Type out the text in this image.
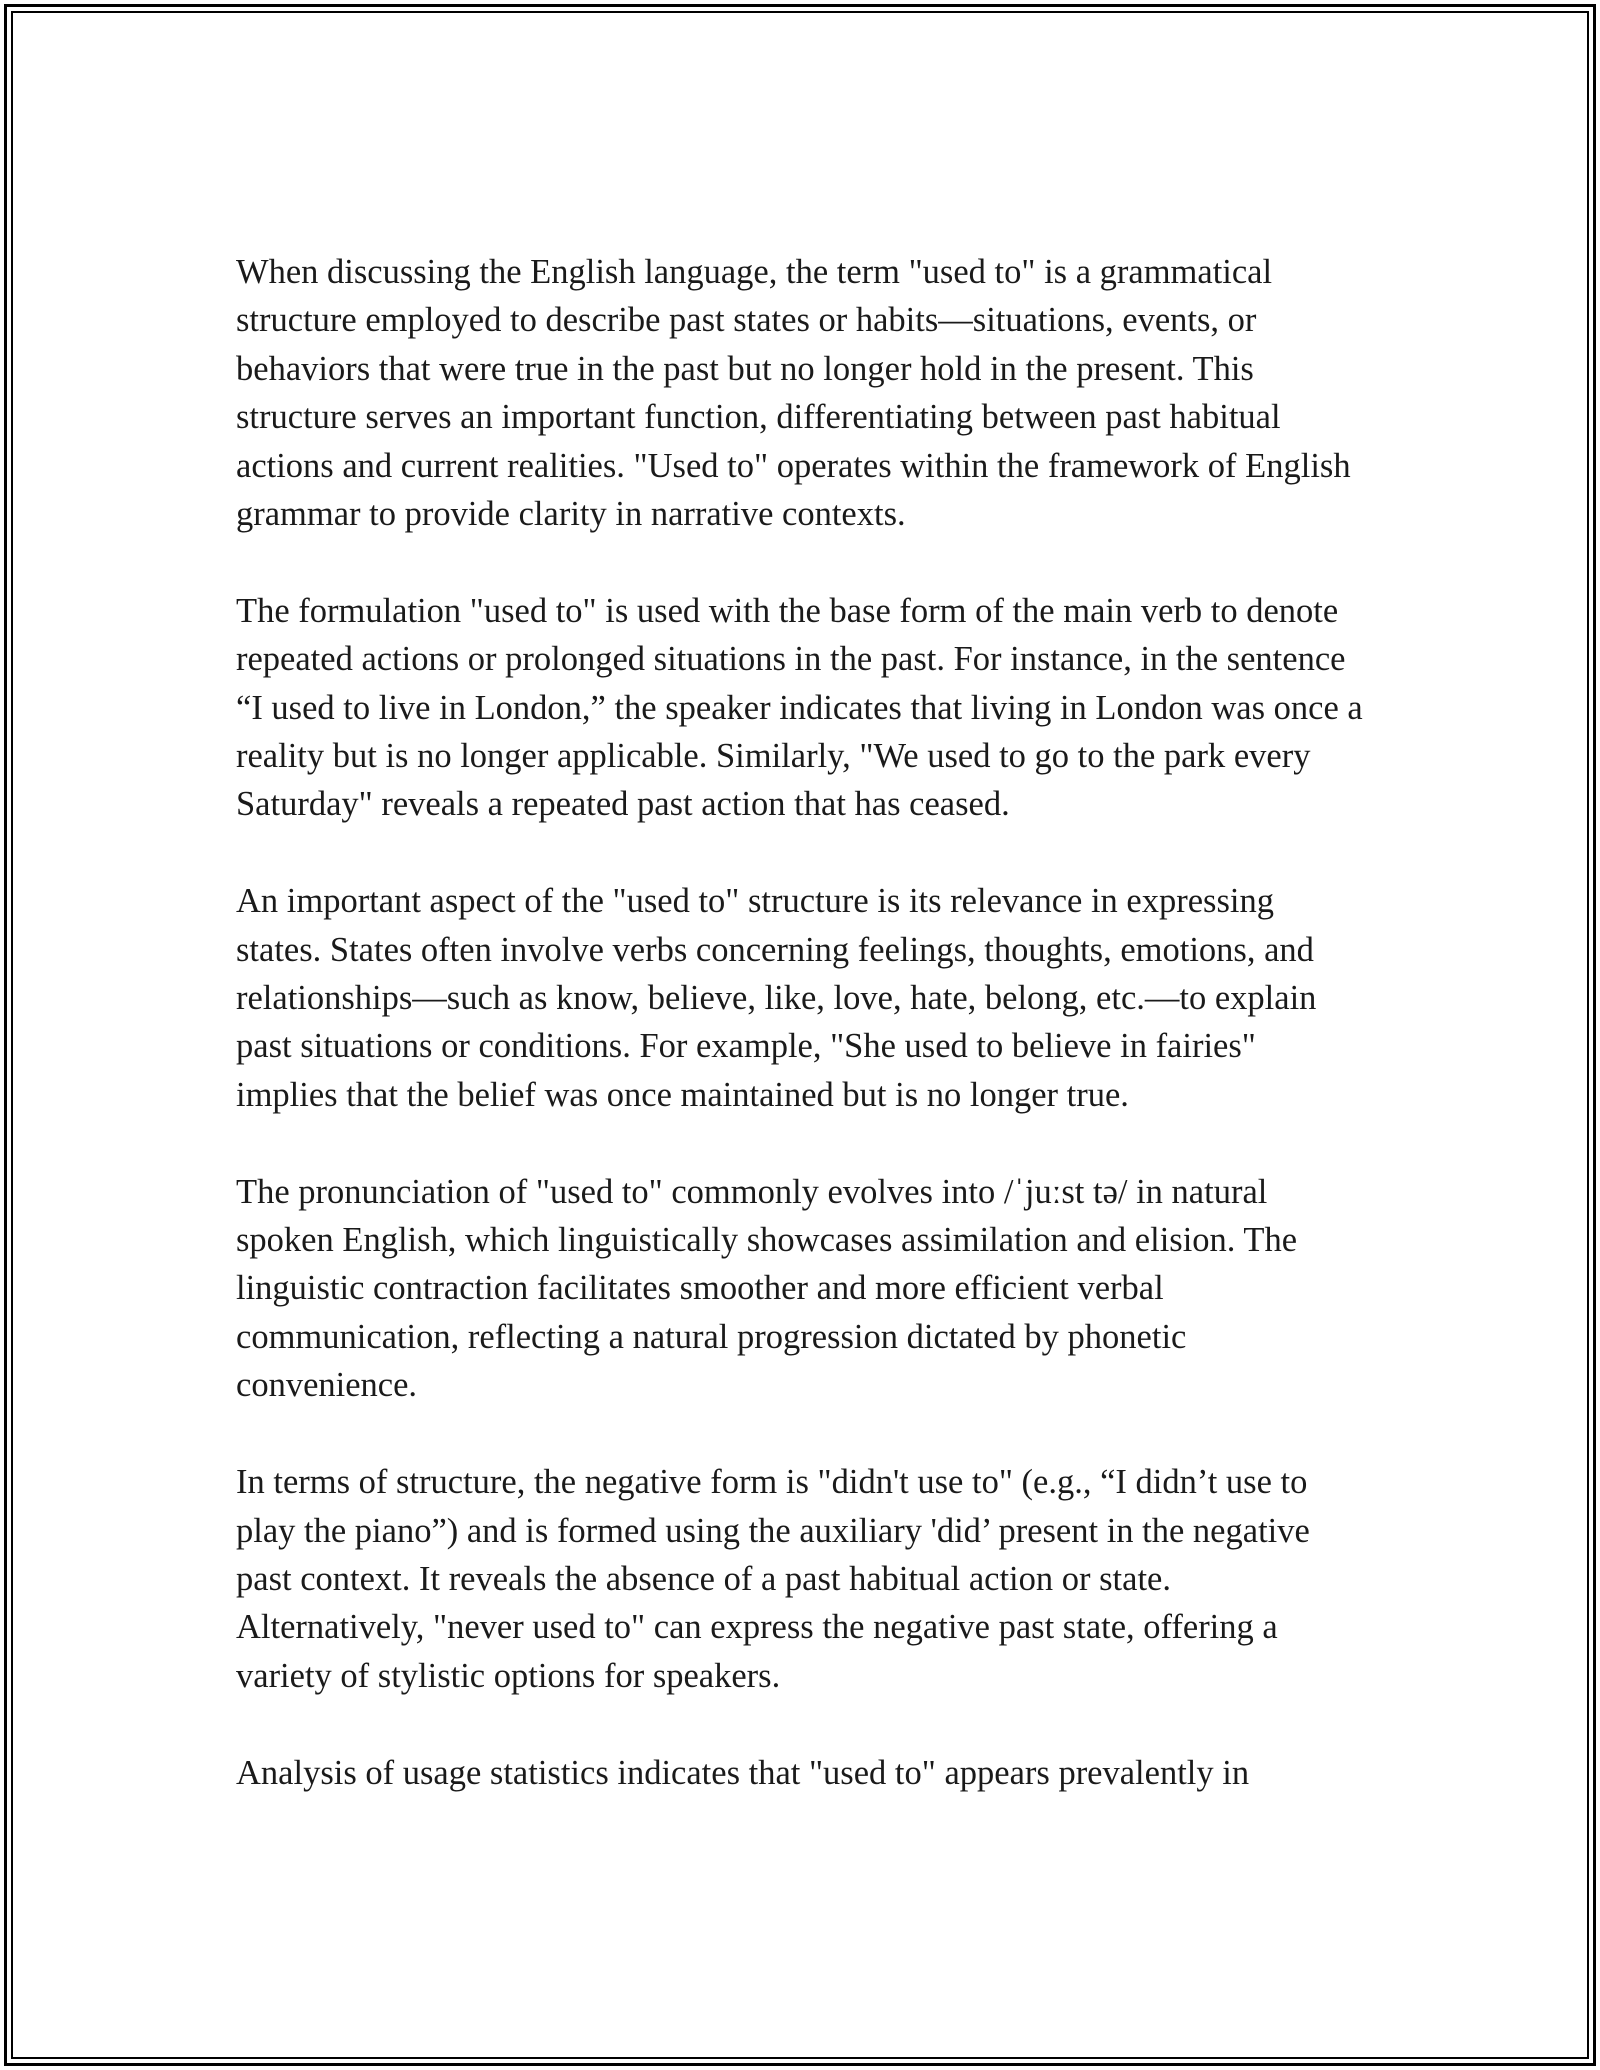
When discussing the English language, the term "used to" is a grammatical structure employed to describe past states or habits—situations, events, or behaviors that were true in the past but no longer hold in the present. This structure serves an important function, differentiating between past habitual actions and current realities. "Used to" operates within the framework of English grammar to provide clarity in narrative contexts.

The formulation "used to" is used with the base form of the main verb to denote repeated actions or prolonged situations in the past. For instance, in the sentence “I used to live in London,” the speaker indicates that living in London was once a reality but is no longer applicable. Similarly, "We used to go to the park every Saturday" reveals a repeated past action that has ceased.

An important aspect of the "used to" structure is its relevance in expressing states. States often involve verbs concerning feelings, thoughts, emotions, and relationships—such as know, believe, like, love, hate, belong, etc.—to explain past situations or conditions. For example, "She used to believe in fairies" implies that the belief was once maintained but is no longer true.

The pronunciation of "used to" commonly evolves into /ˈjuːst tə/ in natural spoken English, which linguistically showcases assimilation and elision. The linguistic contraction facilitates smoother and more efficient verbal communication, reflecting a natural progression dictated by phonetic convenience.

In terms of structure, the negative form is "didn't use to" (e.g., “I didn’t use to play the piano”) and is formed using the auxiliary 'did’ present in the negative past context. It reveals the absence of a past habitual action or state. Alternatively, "never used to" can express the negative past state, offering a variety of stylistic options for speakers.

Analysis of usage statistics indicates that "used to" appears prevalently in
